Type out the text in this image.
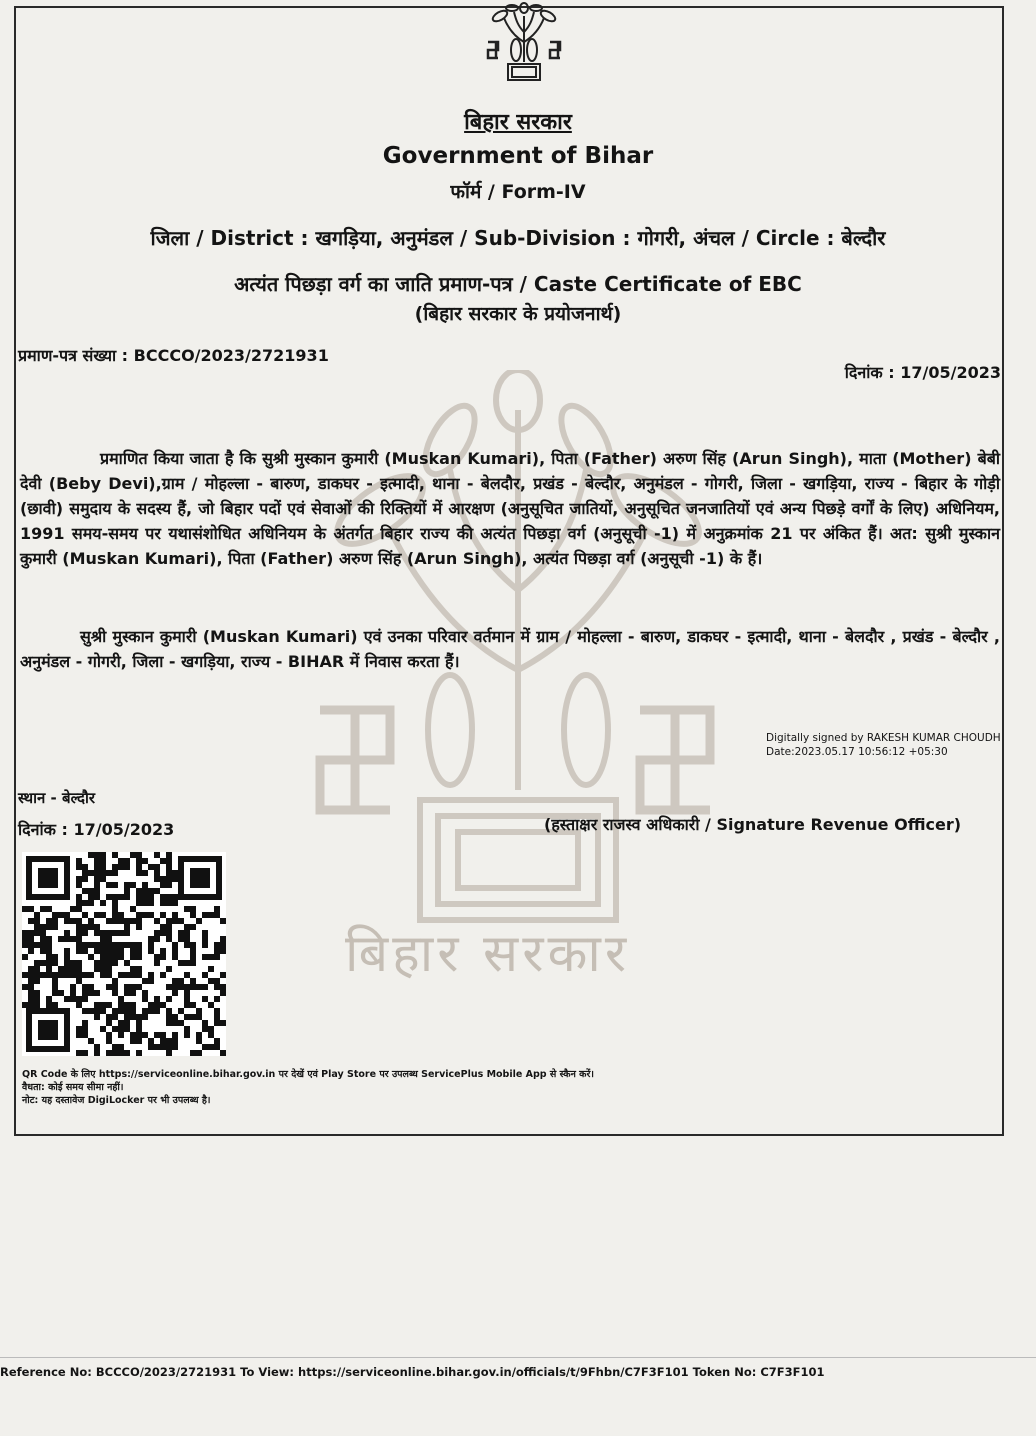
बिहार सरकार
बिहार सरकार
Government of Bihar
फॉर्म / Form-IV
जिला / District : खगड़िया, अनुमंडल / Sub-Division : गोगरी, अंचल / Circle : बेल्दौर
अत्यंत पिछड़ा वर्ग का जाति प्रमाण-पत्र / Caste Certificate of EBC
(बिहार सरकार के प्रयोजनार्थ)
प्रमाण-पत्र संख्या : BCCCO/2023/2721931
दिनांक : 17/05/2023

प्रमाणित किया जाता है कि सुश्री मुस्कान कुमारी (Muskan Kumari), पिता (Father) अरुण सिंह (Arun Singh), माता (Mother) बेबी देवी (Beby Devi),ग्राम / मोहल्ला - बारुण, डाकघर - इत्मादी, थाना - बेलदौर, प्रखंड - बेल्दौर, अनुमंडल - गोगरी, जिला - खगड़िया, राज्य - बिहार के गोड़ी (छावी) समुदाय के सदस्य हैं, जो बिहार पदों एवं सेवाओं की रिक्तियों में आरक्षण (अनुसूचित जातियों, अनुसूचित जनजातियों एवं अन्य पिछड़े वर्गों के लिए) अधिनियम, 1991 समय-समय पर यथासंशोधित अधिनियम के अंतर्गत बिहार राज्य की अत्यंत पिछड़ा वर्ग (अनुसूची -1) में अनुक्रमांक 21 पर अंकित हैं। अत: सुश्री मुस्कान कुमारी (Muskan Kumari), पिता (Father) अरुण सिंह (Arun Singh), अत्यंत पिछड़ा वर्ग (अनुसूची -1) के हैं।

सुश्री मुस्कान कुमारी (Muskan Kumari) एवं उनका परिवार वर्तमान में ग्राम / मोहल्ला - बारुण, डाकघर - इत्मादी, थाना - बेलदौर , प्रखंड - बेल्दौर , अनुमंडल - गोगरी, जिला - खगड़िया, राज्य - BIHAR में निवास करता हैं।

Digitally signed by RAKESH KUMAR CHOUDH
Date:2023.05.17 10:56:12 +05:30
स्थान - बेल्दौर
दिनांक : 17/05/2023	(हस्ताक्षर राजस्व अधिकारी / Signature Revenue Officer)
QR Code के लिए https://serviceonline.bihar.gov.in पर देखें एवं Play Store पर उपलब्ध ServicePlus Mobile App से स्कैन करें।
वैधता: कोई समय सीमा नहीं।
नोट: यह दस्तावेज DigiLocker पर भी उपलब्ध है।
Reference No: BCCCO/2023/2721931 To View: https://serviceonline.bihar.gov.in/officials/t/9Fhbn/C7F3F101 Token No: C7F3F101
